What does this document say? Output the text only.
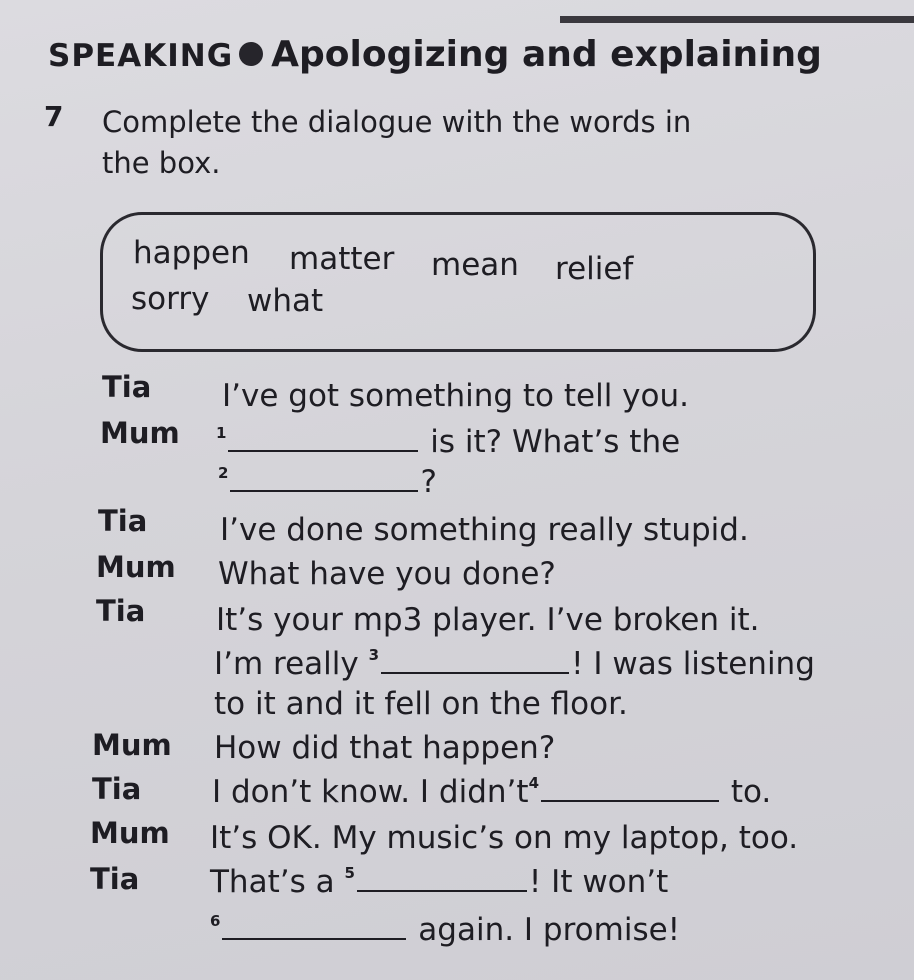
SPEAKING Apologizing and explaining
7 Complete the dialogue with the words in the box.
happen matter mean relief
sorry what
Tia I’ve got something to tell you.
Mum $^1$	is it? What’s the
$^2$	?
Tia I’ve done something really stupid.
Mum What have you done?
Tia It’s your mp3 player. I’ve broken it.
I’m really $^3$	! I was listening
to it and it fell on the floor.
Mum How did that happen?
Tia I don’t know. I $didn’t^4$	to.
Mum It’s OK. My music’s on my laptop, too.
Tia That’s a $^5$	! It won’t
$^6$	again. I promise!
